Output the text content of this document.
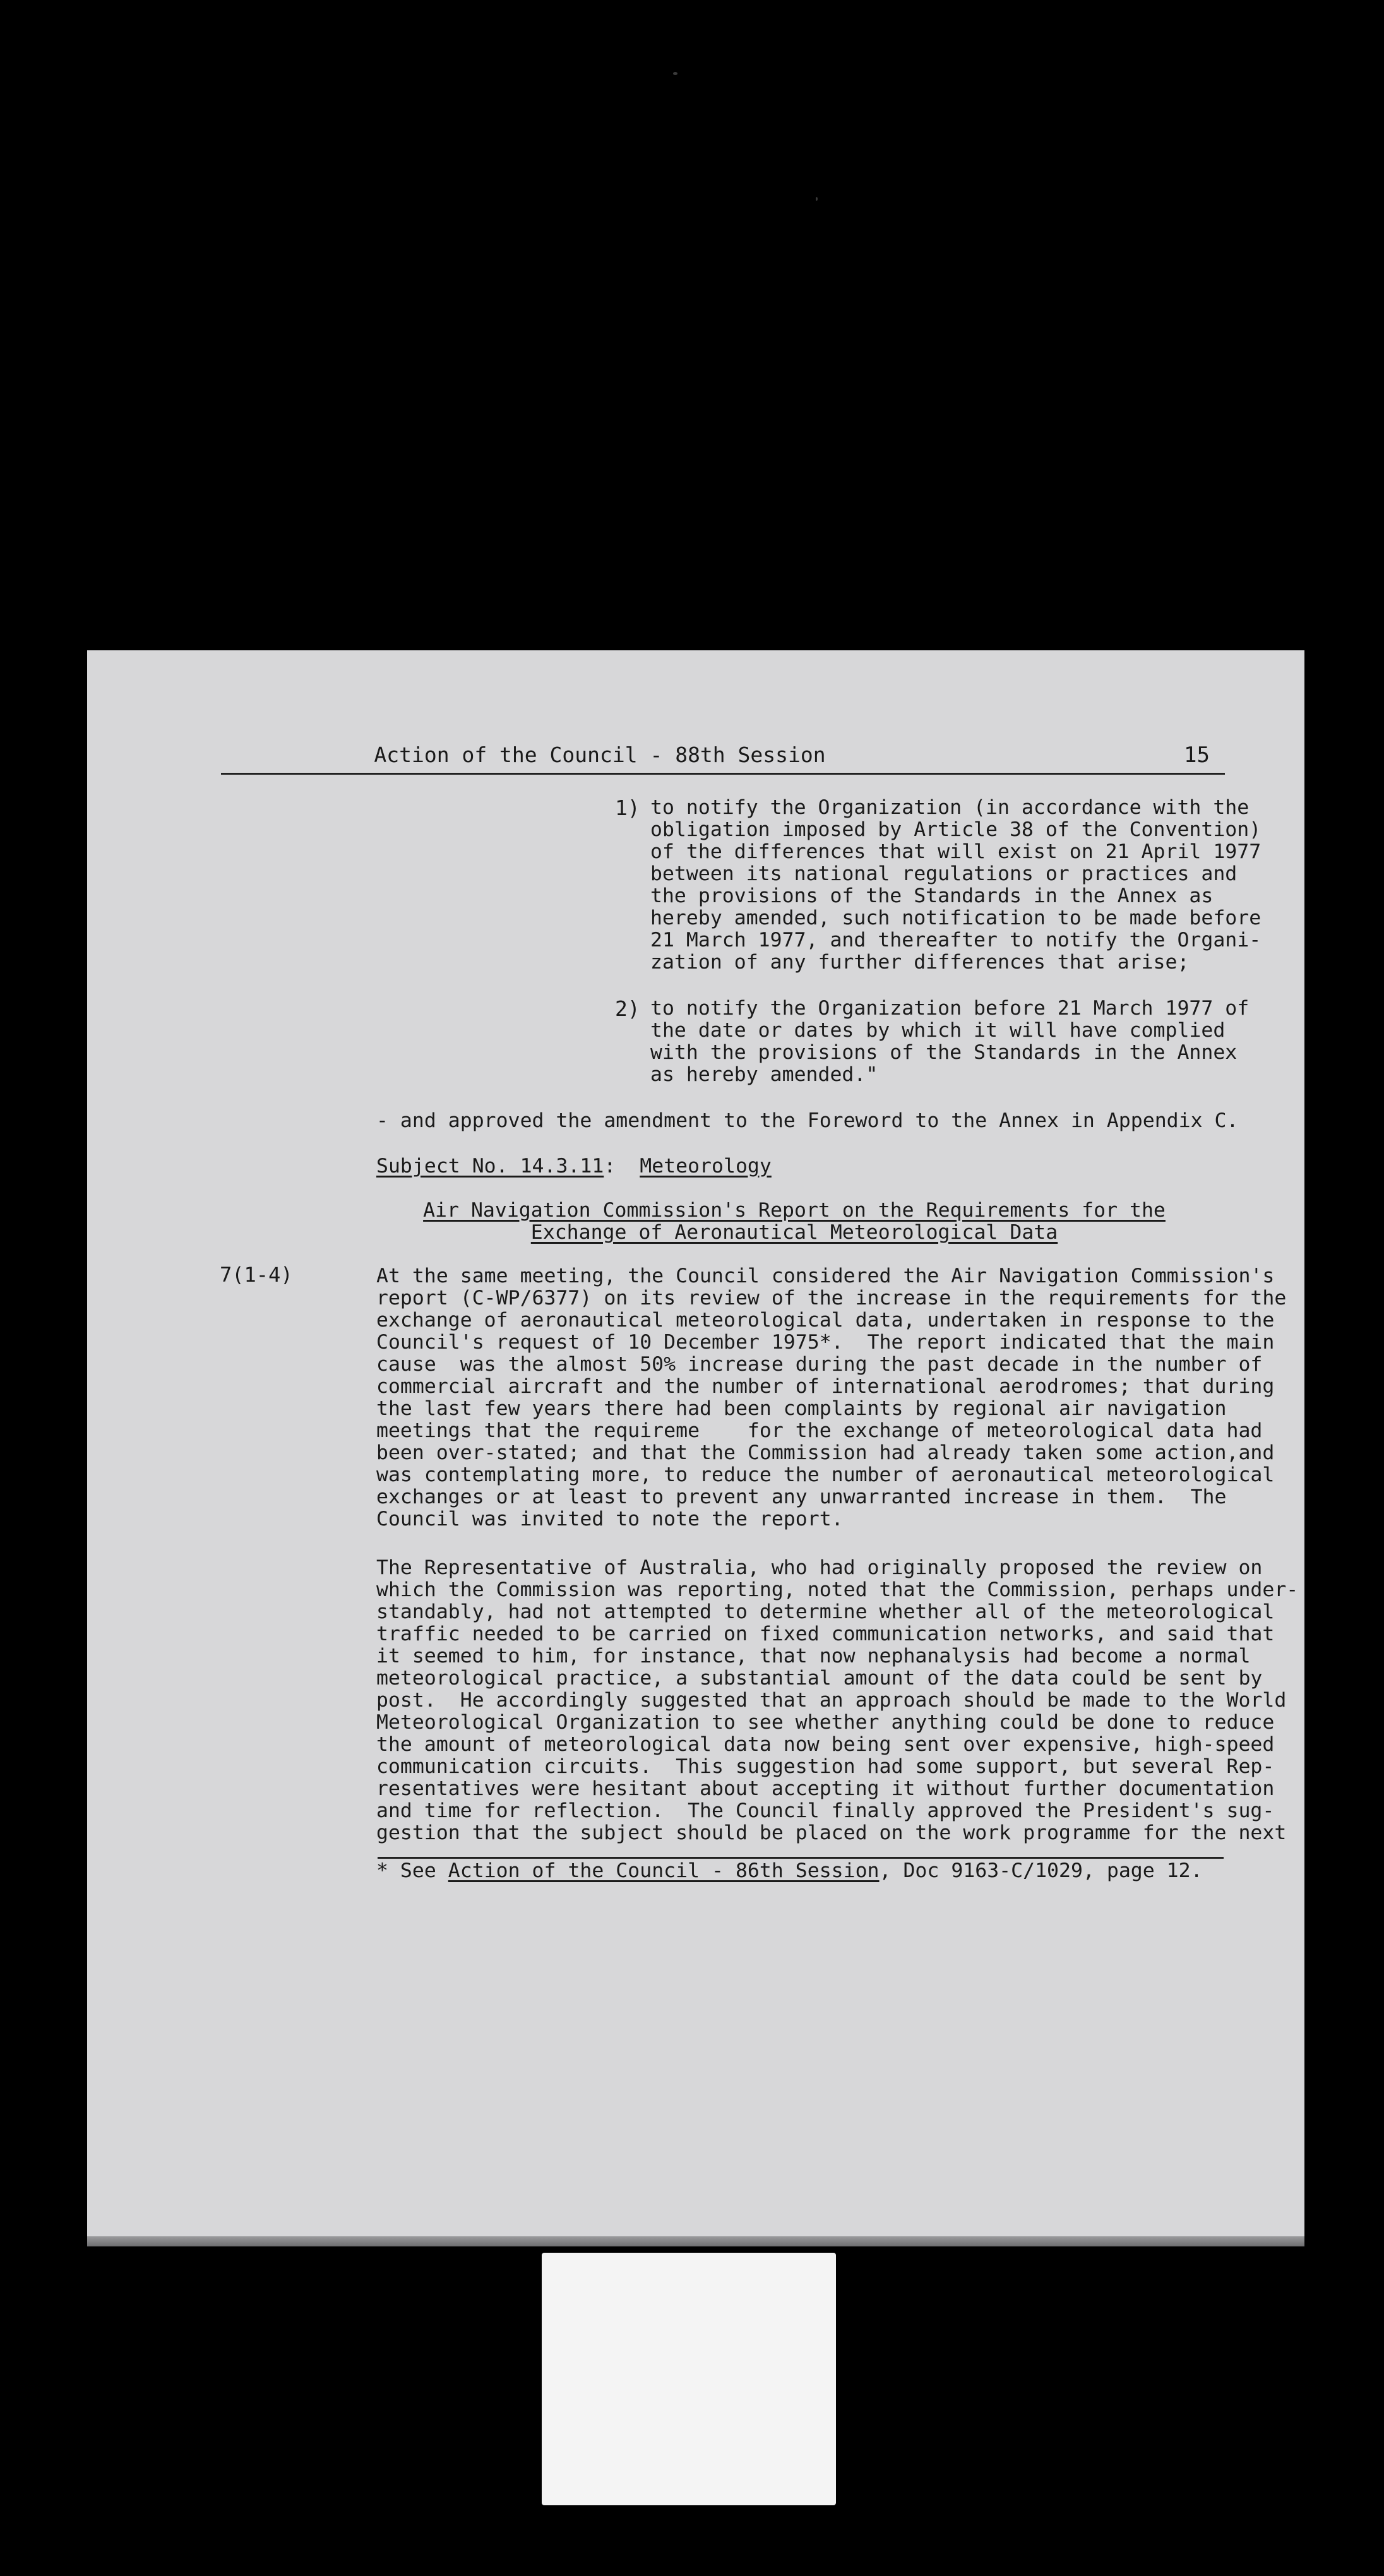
Action of the Council - 88th Session	15
1) to notify the Organization (in accordance with the
obligation imposed by Article 38 of the Convention)
of the differences that will exist on 21 April 1977
between its national regulations or practices and
the provisions of the Standards in the Annex as
hereby amended, such notification to be made before
21 March 1977, and thereafter to notify the Organi-
zation of any further differences that arise;

2) to notify the Organization before 21 March 1977 of
the date or dates by which it will have complied
with the provisions of the Standards in the Annex
as hereby amended."

- and approved the amendment to the Foreword to the Annex in Appendix C.

Subject No. 14.3.11: Meteorology

Air Navigation Commission's Report on the Requirements for the

Exchange of Aeronautical Meteorological Data

7(1-4)	At the same meeting, the Council considered the Air Navigation Commission's
report (C-WP/6377) on its review of the increase in the requirements for the
exchange of aeronautical meteorological data, undertaken in response to the
Council's request of 10 December 1975*.  The report indicated that the main
cause  was the almost 50% increase during the past decade in the number of
commercial aircraft and the number of international aerodromes; that during
the last few years there had been complaints by regional air navigation
meetings that the requireme    for the exchange of meteorological data had
been over-stated; and that the Commission had already taken some action,and
was contemplating more, to reduce the number of aeronautical meteorological
exchanges or at least to prevent any unwarranted increase in them.  The
Council was invited to note the report.

The Representative of Australia, who had originally proposed the review on
which the Commission was reporting, noted that the Commission, perhaps under-
standably, had not attempted to determine whether all of the meteorological
traffic needed to be carried on fixed communication networks, and said that
it seemed to him, for instance, that now nephanalysis had become a normal
meteorological practice, a substantial amount of the data could be sent by
post.  He accordingly suggested that an approach should be made to the World
Meteorological Organization to see whether anything could be done to reduce
the amount of meteorological data now being sent over expensive, high-speed
communication circuits.  This suggestion had some support, but several Rep-
resentatives were hesitant about accepting it without further documentation
and time for reflection.  The Council finally approved the President's sug-
gestion that the subject should be placed on the work programme for the next

* See Action of the Council - 86th Session, Doc 9163-C/1029, page 12.
